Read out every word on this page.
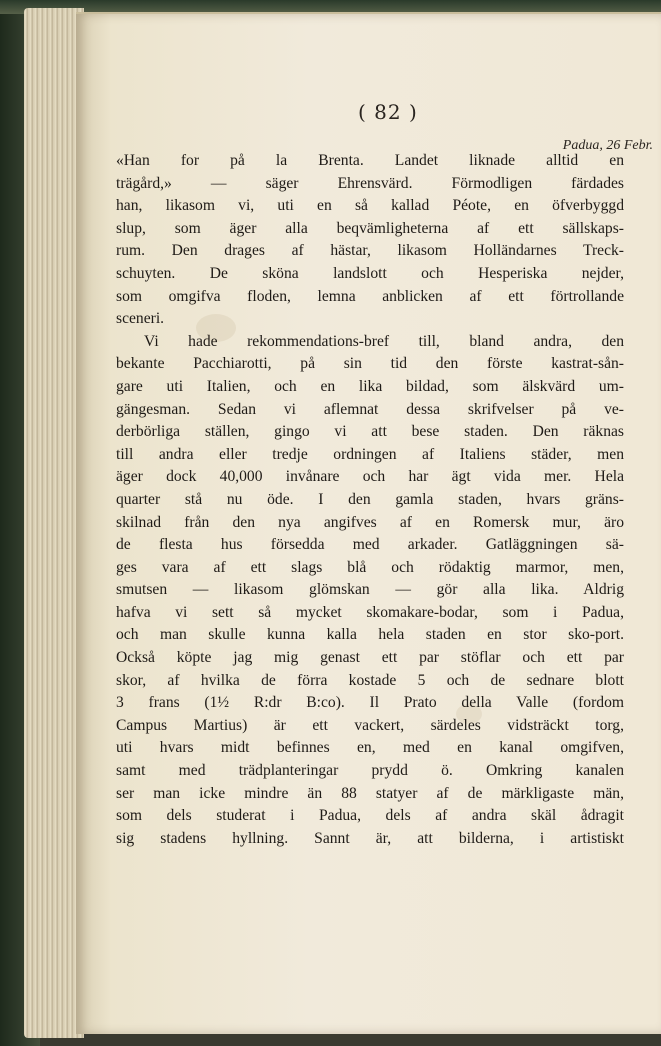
( 82 )
Padua, 26 Febr.
«Han for på la Brenta. Landet liknade alltid en
trägård,» — säger Ehrensvärd. Förmodligen färdades
han, likasom vi, uti en så kallad Péote, en öfverbyggd
slup, som äger alla beqvämligheterna af ett sällskaps-
rum. Den drages af hästar, likasom Holländarnes Treck-
schuyten. De sköna landslott och Hesperiska nejder,
som omgifva floden, lemna anblicken af ett förtrollande
sceneri.
Vi hade rekommendations-bref till, bland andra, den
bekante Pacchiarotti, på sin tid den förste kastrat-sån-
gare uti Italien, och en lika bildad, som älskvärd um-
gängesman. Sedan vi aflemnat dessa skrifvelser på ve-
derbörliga ställen, gingo vi att bese staden. Den räknas
till andra eller tredje ordningen af Italiens städer, men
äger dock 40,000 invånare och har ägt vida mer. Hela
quarter stå nu öde. I den gamla staden, hvars gräns-
skilnad från den nya angifves af en Romersk mur, äro
de flesta hus försedda med arkader. Gatläggningen sä-
ges vara af ett slags blå och rödaktig marmor, men,
smutsen — likasom glömskan — gör alla lika. Aldrig
hafva vi sett så mycket skomakare-bodar, som i Padua,
och man skulle kunna kalla hela staden en stor sko-port.
Också köpte jag mig genast ett par stöflar och ett par
skor, af hvilka de förra kostade 5 och de sednare blott
3 frans (1½ R:dr B:co). Il Prato della Valle (fordom
Campus Martius) är ett vackert, särdeles vidsträckt torg,
uti hvars midt befinnes en, med en kanal omgifven,
samt med trädplanteringar prydd ö. Omkring kanalen
ser man icke mindre än 88 statyer af de märkligaste män,
som dels studerat i Padua, dels af andra skäl ådragit
sig stadens hyllning. Sannt är, att bilderna, i artistiskt
